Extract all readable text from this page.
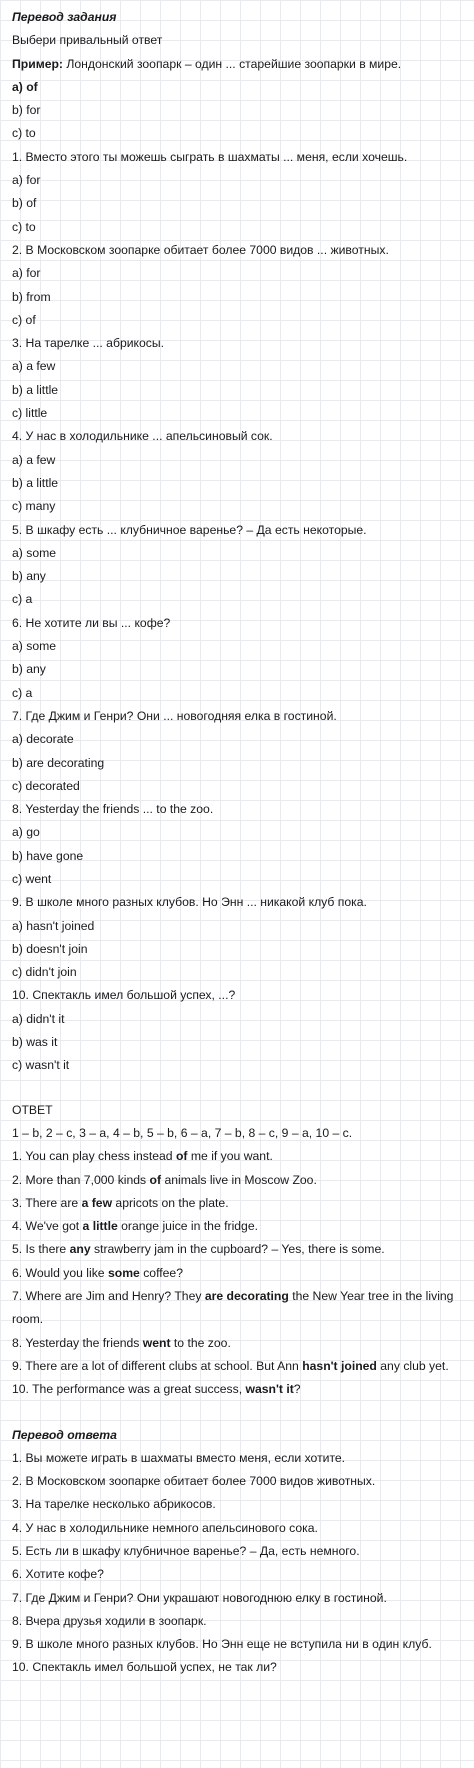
Перевод задания
Выбери привальный ответ
Пример: Лондонский зоопарк – один ... старейшие зоопарки в мире.
a) of
b) for
c) to
1. Вместо этого ты можешь сыграть в шахматы ... меня, если хочешь.
a) for
b) of
c) to
2. В Московском зоопарке обитает более 7000 видов ... животных.
a) for
b) from
c) of
3. На тарелке ... абрикосы.
a) a few
b) a little
c) little
4. У нас в холодильнике ... апельсиновый сок.
a) a few
b) a little
c) many
5. В шкафу есть ... клубничное варенье? – Да есть некоторые.
a) some
b) any
c) a
6. Не хотите ли вы ... кофе?
a) some
b) any
c) a
7. Где Джим и Генри? Они ... новогодняя елка в гостиной.
a) decorate
b) are decorating
c) decorated
8. Yesterday the friends ... to the zoo.
a) go
b) have gone
c) went
9. В школе много разных клубов. Но Энн ... никакой клуб пока.
a) hasn't joined
b) doesn't join
c) didn't join
10. Спектакль имел большой успех, ...?
a) didn't it
b) was it
c) wasn't it
ОТВЕТ
1 – b, 2 – c, 3 – a, 4 – b, 5 – b, 6 – a, 7 – b, 8 – c, 9 – a, 10 – c.
1. You can play chess instead of me if you want.
2. More than 7,000 kinds of animals live in Moscow Zoo.
3. There are a few apricots on the plate.
4. We've got a little orange juice in the fridge.
5. Is there any strawberry jam in the cupboard? – Yes, there is some.
6. Would you like some coffee?
7. Where are Jim and Henry? They are decorating the New Year tree in the living room.
8. Yesterday the friends went to the zoo.
9. There are a lot of different clubs at school. But Ann hasn't joined any club yet.
10. The performance was a great success, wasn't it?
Перевод ответа
1. Вы можете играть в шахматы вместо меня, если хотите.
2. В Московском зоопарке обитает более 7000 видов животных.
3. На тарелке несколько абрикосов.
4. У нас в холодильнике немного апельсинового сока.
5. Есть ли в шкафу клубничное варенье? – Да, есть немного.
6. Хотите кофе?
7. Где Джим и Генри? Они украшают новогоднюю елку в гостиной.
8. Вчера друзья ходили в зоопарк.
9. В школе много разных клубов. Но Энн еще не вступила ни в один клуб.
10. Спектакль имел большой успех, не так ли?
